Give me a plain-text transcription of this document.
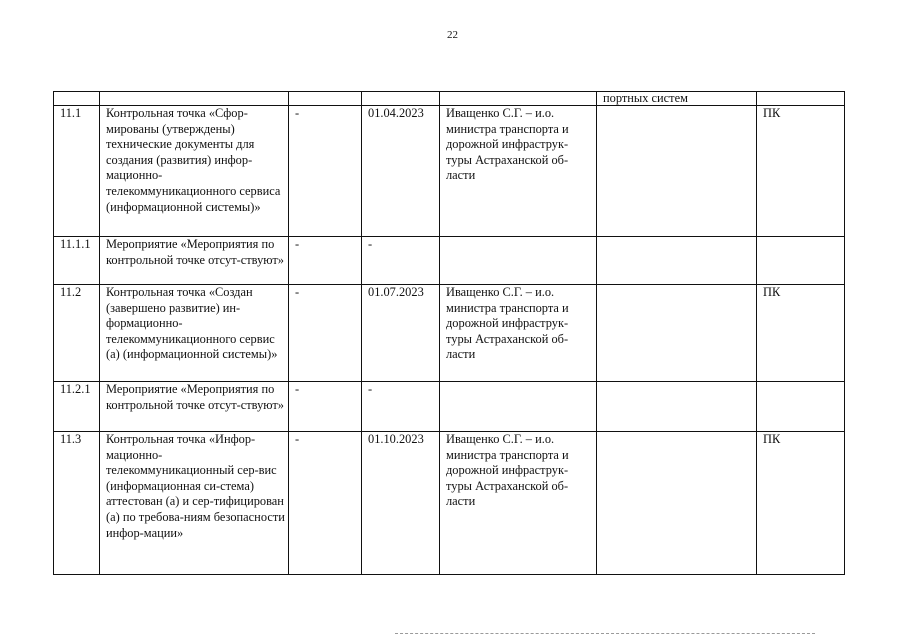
22
					портных систем	
11.1	Контрольная точка «Сфор-мированы (утверждены) технические документы для создания (развития) инфор-мационно-телекоммуникационного сервиса (информационной системы)»	-	01.04.2023	Иващенко С.Г. – и.о. министра транспорта и дорожной инфраструк-туры Астраханской об-ласти		ПК
11.1.1	Мероприятие «Мероприятия по контрольной точке отсут-ствуют»	-	-			
11.2	Контрольная точка «Создан (завершено развитие) ин-формационно-телекоммуникационного сервис (а) (информационной системы)»	-	01.07.2023	Иващенко С.Г. – и.о. министра транспорта и дорожной инфраструк-туры Астраханской об-ласти		ПК
11.2.1	Мероприятие «Мероприятия по контрольной точке отсут-ствуют»	-	-			
11.3	Контрольная точка «Инфор-мационно-телекоммуникационный сер-вис (информационная си-стема) аттестован (а) и сер-тифицирован (а) по требова-ниям безопасности инфор-мации»	-	01.10.2023	Иващенко С.Г. – и.о. министра транспорта и дорожной инфраструк-туры Астраханской об-ласти		ПК
